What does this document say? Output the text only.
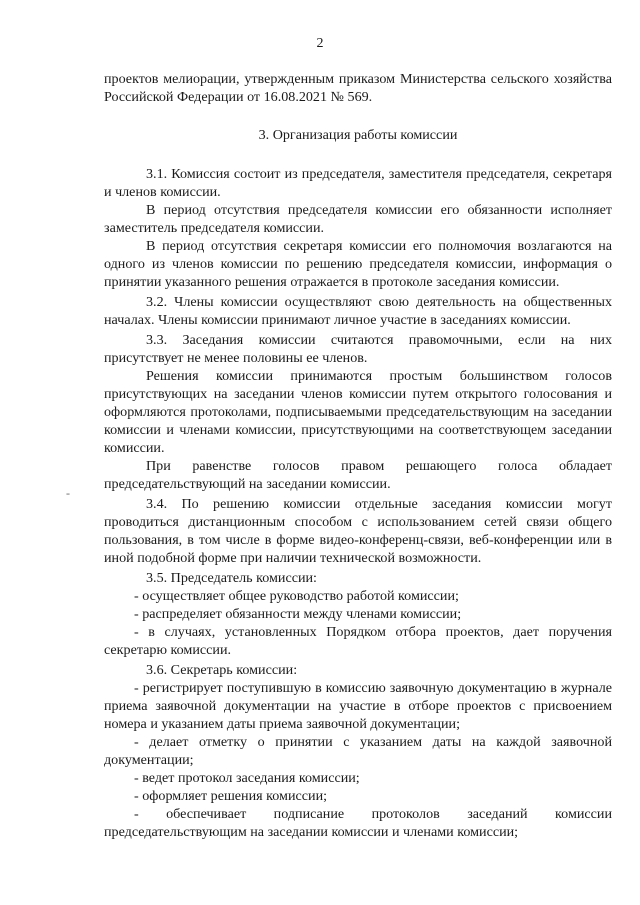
2
-

проектов мелиорации, утвержденным приказом Министерства сельского хозяйства Российской Федерации от 16.08.2021 № 569.

3. Организация работы комиссии

3.1. Комиссия состоит из председателя, заместителя председателя, секретаря и членов комиссии.

В период отсутствия председателя комиссии его обязанности исполняет заместитель председателя комиссии.

В период отсутствия секретаря комиссии его полномочия возлагаются на одного из членов комиссии по решению председателя комиссии, информация о принятии указанного решения отражается в протоколе заседания комиссии.

3.2. Члены комиссии осуществляют свою деятельность на общественных началах. Члены комиссии принимают личное участие в заседаниях комиссии.

3.3. Заседания комиссии считаются правомочными, если на них присутствует не менее половины ее членов.

Решения комиссии принимаются простым большинством голосов присутствующих на заседании членов комиссии путем открытого голосования и оформляются протоколами, подписываемыми председательствующим на заседании комиссии и членами комиссии, присутствующими на соответствующем заседании комиссии.

При равенстве голосов правом решающего голоса обладает председательствующий на заседании комиссии.

3.4. По решению комиссии отдельные заседания комиссии могут проводиться дистанционным способом с использованием сетей связи общего пользования, в том числе в форме видео-конференц-связи, веб-конференции или в иной подобной форме при наличии технической возможности.

3.5. Председатель комиссии:

- осуществляет общее руководство работой комиссии;

- распределяет обязанности между членами комиссии;

- в случаях, установленных Порядком отбора проектов, дает поручения секретарю комиссии.

3.6. Секретарь комиссии:

- регистрирует поступившую в комиссию заявочную документацию в журнале приема заявочной документации на участие в отборе проектов с присвоением номера и указанием даты приема заявочной документации;

- делает отметку о принятии с указанием даты на каждой заявочной документации;

- ведет протокол заседания комиссии;

- оформляет решения комиссии;

- обеспечивает подписание протоколов заседаний комиссии председательствующим на заседании комиссии и членами комиссии;
